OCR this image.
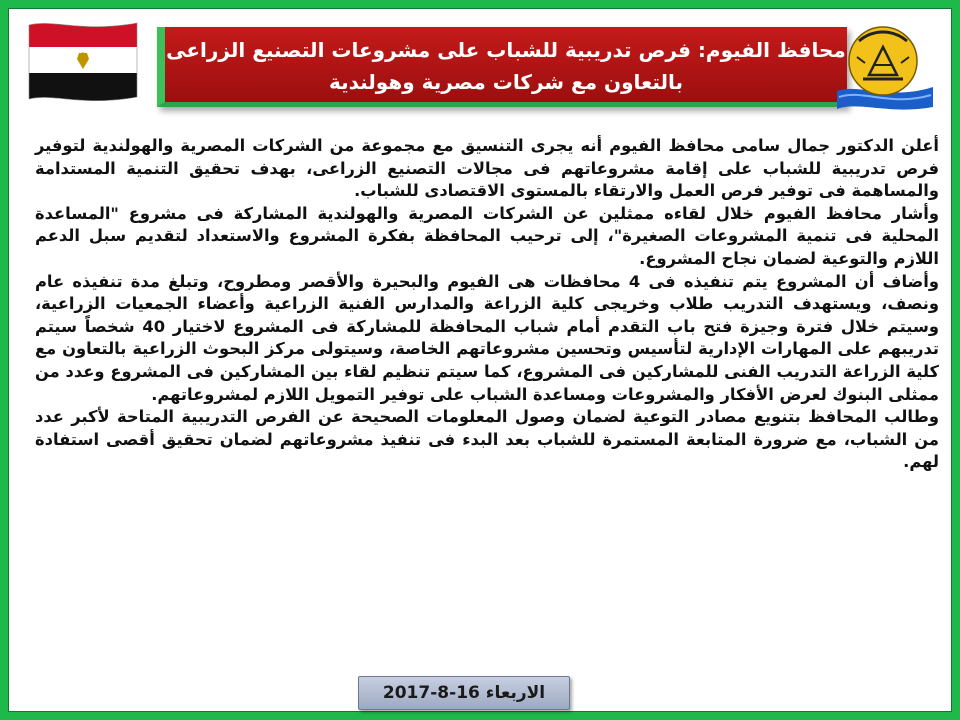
محافظ الفيوم: فرص تدريبية للشباب على مشروعات التصنيع الزراعى
بالتعاون مع شركات مصرية وهولندية

أعلن الدكتور جمال سامى محافظ الفيوم أنه يجرى التنسيق مع مجموعة من الشركات المصرية والهولندية لتوفير فرص تدريبية للشباب على إقامة مشروعاتهم فى مجالات التصنيع الزراعى، بهدف تحقيق التنمية المستدامة والمساهمة فى توفير فرص العمل والارتقاء بالمستوى الاقتصادى للشباب.

وأشار محافظ الفيوم خلال لقاءه ممثلين عن الشركات المصرية والهولندية المشاركة فى مشروع "المساعدة المحلية فى تنمية المشروعات الصغيرة"، إلى ترحيب المحافظة بفكرة المشروع والاستعداد لتقديم سبل الدعم اللازم والتوعية لضمان نجاح المشروع.

وأضاف أن المشروع يتم تنفيذه فى 4 محافظات هى الفيوم والبحيرة والأقصر ومطروح، وتبلغ مدة تنفيذه عام ونصف، ويستهدف التدريب طلاب وخريجى كلية الزراعة والمدارس الفنية الزراعية وأعضاء الجمعيات الزراعية، وسيتم خلال فترة وجيزة فتح باب التقدم أمام شباب المحافظة للمشاركة فى المشروع لاختيار 40 شخصاً سيتم تدريبهم على المهارات الإدارية لتأسيس وتحسين مشروعاتهم الخاصة، وسيتولى مركز البحوث الزراعية بالتعاون مع كلية الزراعة التدريب الفنى للمشاركين فى المشروع، كما سيتم تنظيم لقاء بين المشاركين فى المشروع وعدد من ممثلى البنوك لعرض الأفكار والمشروعات ومساعدة الشباب على توفير التمويل اللازم لمشروعاتهم.

وطالب المحافظ بتنويع مصادر التوعية لضمان وصول المعلومات الصحيحة عن الفرص التدريبية المتاحة لأكبر عدد من الشباب، مع ضرورة المتابعة المستمرة للشباب بعد البدء فى تنفيذ مشروعاتهم لضمان تحقيق أقصى استفادة لهم.

الاربعاء 16-8-2017
